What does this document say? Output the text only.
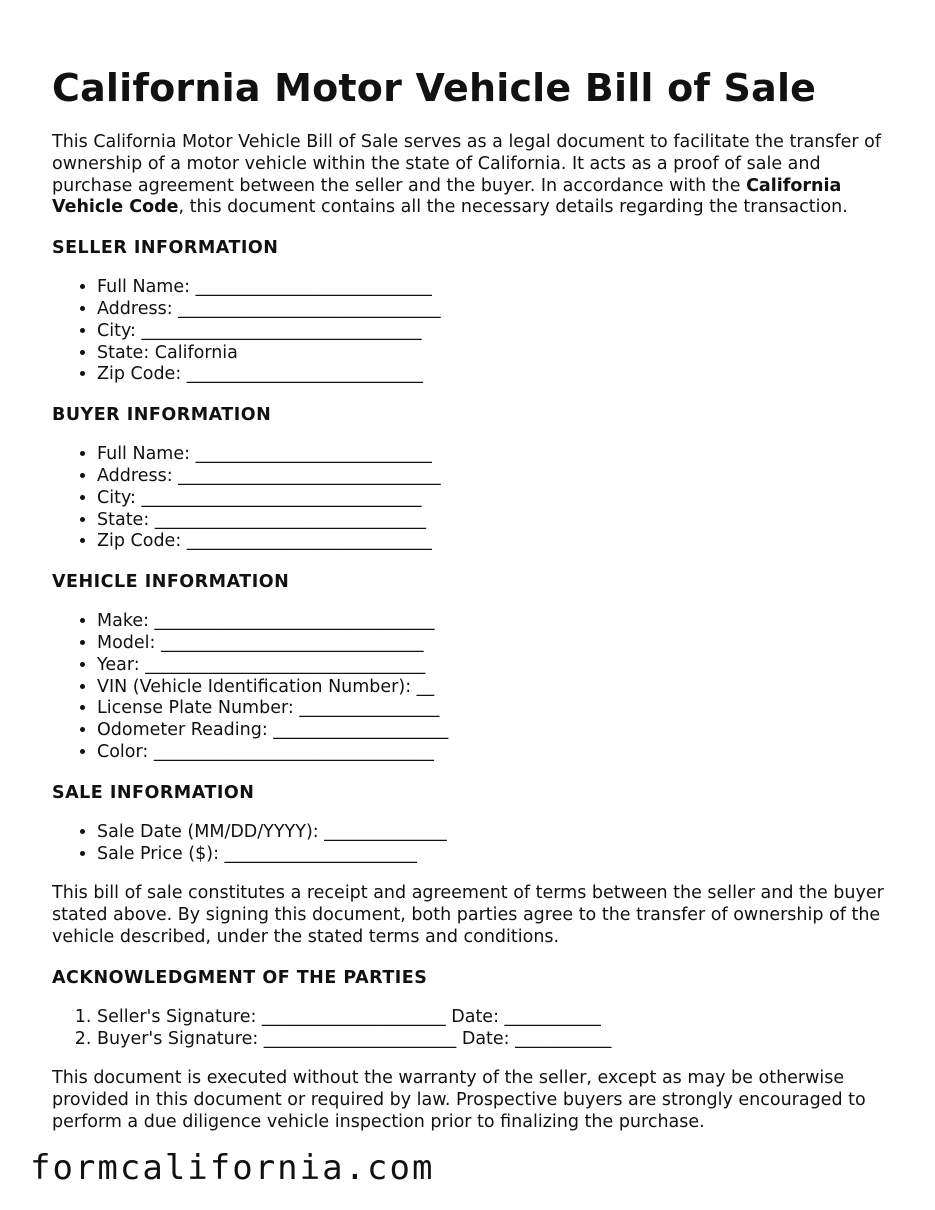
California Motor Vehicle Bill of Sale

This California Motor Vehicle Bill of Sale serves as a legal document to facilitate the transfer of ownership of a motor vehicle within the state of California. It acts as a proof of sale and purchase agreement between the seller and the buyer. In accordance with the California Vehicle Code, this document contains all the necessary details regarding the transaction.

SELLER INFORMATION
• Full Name: ___________________________
• Address: ______________________________
• City: ________________________________
• State: California
• Zip Code: ___________________________
BUYER INFORMATION
• Full Name: ___________________________
• Address: ______________________________
• City: ________________________________
• State: _______________________________
• Zip Code: ____________________________
VEHICLE INFORMATION
• Make: ________________________________
• Model: ______________________________
• Year: ________________________________
• VIN (Vehicle Identification Number): __
• License Plate Number: ________________
• Odometer Reading: ____________________
• Color: ________________________________
SALE INFORMATION
• Sale Date (MM/DD/YYYY): ______________
• Sale Price ($): ______________________

This bill of sale constitutes a receipt and agreement of terms between the seller and the buyer stated above. By signing this document, both parties agree to the transfer of ownership of the vehicle described, under the stated terms and conditions.

ACKNOWLEDGMENT OF THE PARTIES
1. Seller's Signature: _____________________ Date: ___________
2. Buyer's Signature: ______________________ Date: ___________

This document is executed without the warranty of the seller, except as may be otherwise provided in this document or required by law. Prospective buyers are strongly encouraged to perform a due diligence vehicle inspection prior to finalizing the purchase.

formcalifornia.com
